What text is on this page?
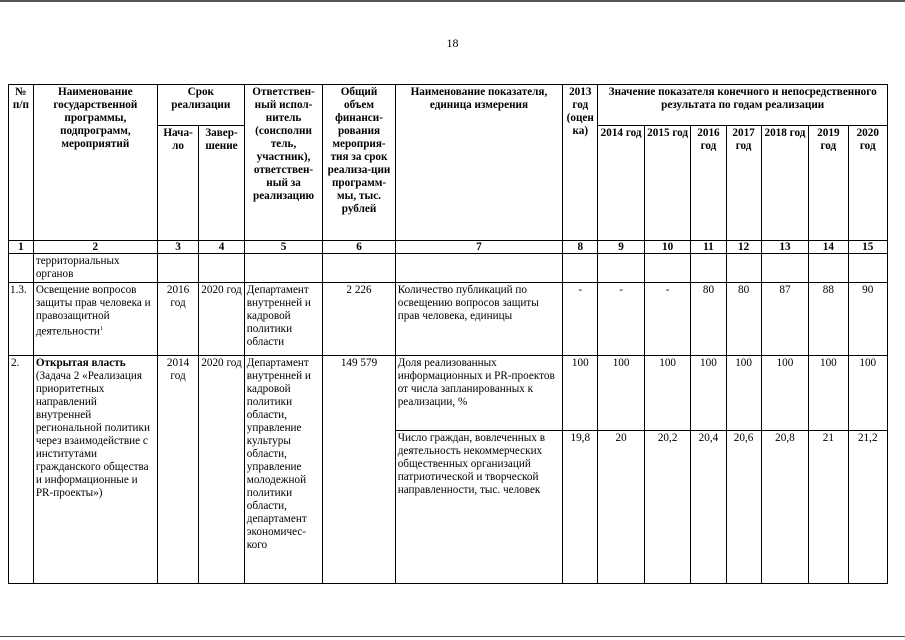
18
№ п/п	Наименование государственной программы, подпрограмм, мероприятий	Срок реализации		Ответствен-ный испол-нитель (соисполни тель, участник), ответствен-ный за реализацию	Общий объем финанси-рования мероприя-тия за срок реализа-ции программ-мы, тыс. рублей	Наименование показателя, единица измерения	2013 год (оцен ка)	Значение показателя конечного и непосредственного результата по годам реализации						
		Нача-ло	Завер-шение					2014 год	2015 год	2016 год	2017 год	2018 год	2019 год	2020 год
1	2	3	4	5	6	7	8	9	10	11	12	13	14	15
	территориальных органов													
1.3.	Освещение вопросов защиты прав человека и правозащитной деятельности$^1$	2016 год	2020 год	Департамент внутренней и кадровой политики области	2 226	Количество публикаций по освещению вопросов защиты прав человека, единицы	-	-	-	80	80	87	88	90
2.	Открытая власть (Задача 2 «Реализация приоритетных направлений внутренней региональной политики через взаимодействие с институтами гражданского общества и информационные и PR-проекты»)	2014 год	2020 год	Департамент внутренней и кадровой политики области, управление культуры области, управление молодежной политики области, департамент экономичес-кого	149 579	Доля реализованных информационных и PR-проектов от числа запланированных к реализации, %	100	100	100	100	100	100	100	100
						Число граждан, вовлеченных в деятельность некоммерческих общественных организаций патриотической и творческой направленности, тыс. человек	19,8	20	20,2	20,4	20,6	20,8	21	21,2
